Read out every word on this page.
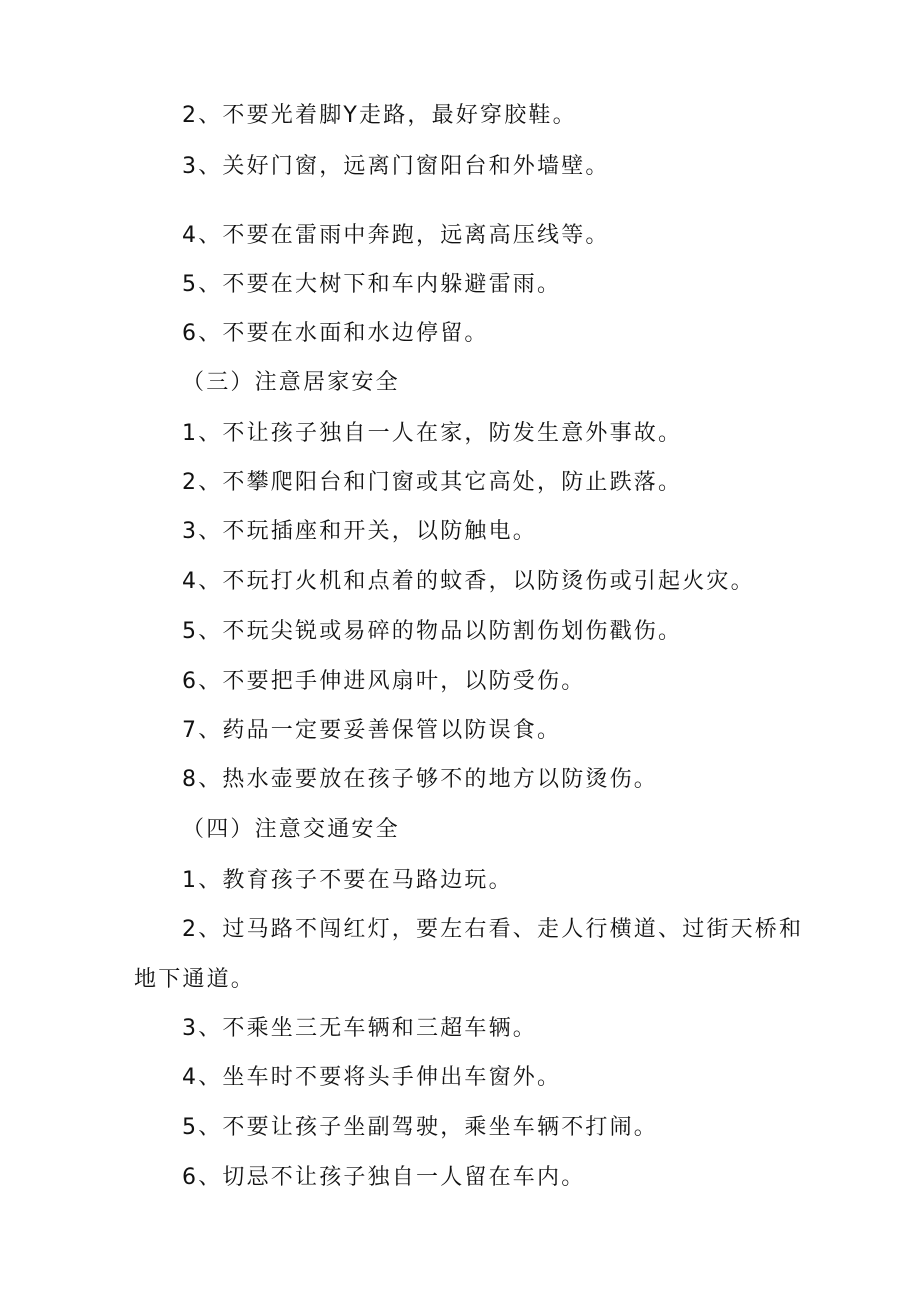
2、不要光着脚Y走路，最好穿胶鞋。
3、关好门窗，远离门窗阳台和外墙壁。
4、不要在雷雨中奔跑，远离高压线等。
5、不要在大树下和车内躲避雷雨。
6、不要在水面和水边停留。
（三）注意居家安全
1、不让孩子独自一人在家，防发生意外事故。
2、不攀爬阳台和门窗或其它高处，防止跌落。
3、不玩插座和开关，以防触电。
4、不玩打火机和点着的蚊香，以防烫伤或引起火灾。
5、不玩尖锐或易碎的物品以防割伤划伤戳伤。
6、不要把手伸进风扇叶，以防受伤。
7、药品一定要妥善保管以防误食。
8、热水壶要放在孩子够不的地方以防烫伤。
（四）注意交通安全
1、教育孩子不要在马路边玩。
2、过马路不闯红灯，要左右看、走人行横道、过街天桥和
地下通道。
3、不乘坐三无车辆和三超车辆。
4、坐车时不要将头手伸出车窗外。
5、不要让孩子坐副驾驶，乘坐车辆不打闹。
6、切忌不让孩子独自一人留在车内。
